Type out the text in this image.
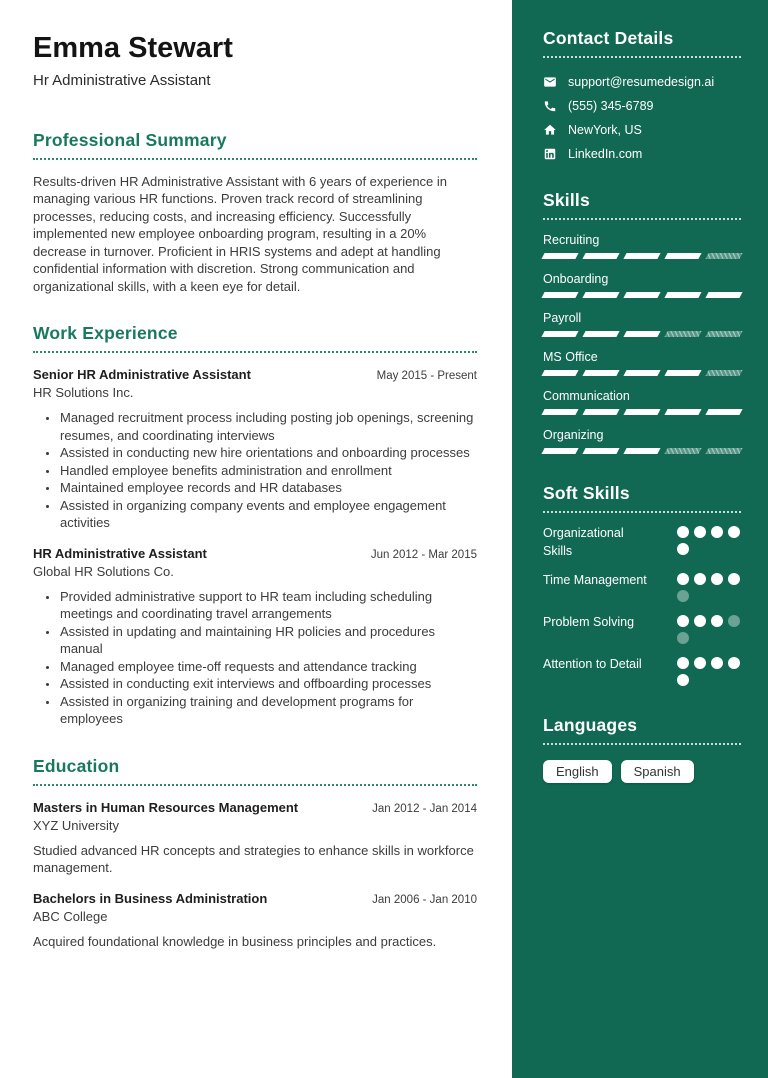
Emma Stewart
Hr Administrative Assistant
Professional Summary

Results-driven HR Administrative Assistant with 6 years of experience in managing various HR functions. Proven track record of streamlining processes, reducing costs, and increasing efficiency. Successfully implemented new employee onboarding program, resulting in a 20% decrease in turnover. Proficient in HRIS systems and adept at handling confidential information with discretion. Strong communication and organizational skills, with a keen eye for detail.

Work Experience
Senior HR Administrative Assistant	May 2015 - Present
HR Solutions Inc.
• Managed recruitment process including posting job openings, screening resumes, and coordinating interviews
• Assisted in conducting new hire orientations and onboarding processes
• Handled employee benefits administration and enrollment
• Maintained employee records and HR databases
• Assisted in organizing company events and employee engagement activities
HR Administrative Assistant	Jun 2012 - Mar 2015
Global HR Solutions Co.
• Provided administrative support to HR team including scheduling meetings and coordinating travel arrangements
• Assisted in updating and maintaining HR policies and procedures manual
• Managed employee time-off requests and attendance tracking
• Assisted in conducting exit interviews and offboarding processes
• Assisted in organizing training and development programs for employees
Education
Masters in Human Resources Management	Jan 2012 - Jan 2014
XYZ University

Studied advanced HR concepts and strategies to enhance skills in workforce management.

Bachelors in Business Administration	Jan 2006 - Jan 2010
ABC College

Acquired foundational knowledge in business principles and practices.

Contact Details
support@resumedesign.ai
(555) 345-6789
NewYork, US
LinkedIn.com
Skills
Recruiting
Onboarding
Payroll
MS Office
Communication
Organizing
Soft Skills
Organizational Skills
Time Management
Problem Solving
Attention to Detail
Languages
English	Spanish
